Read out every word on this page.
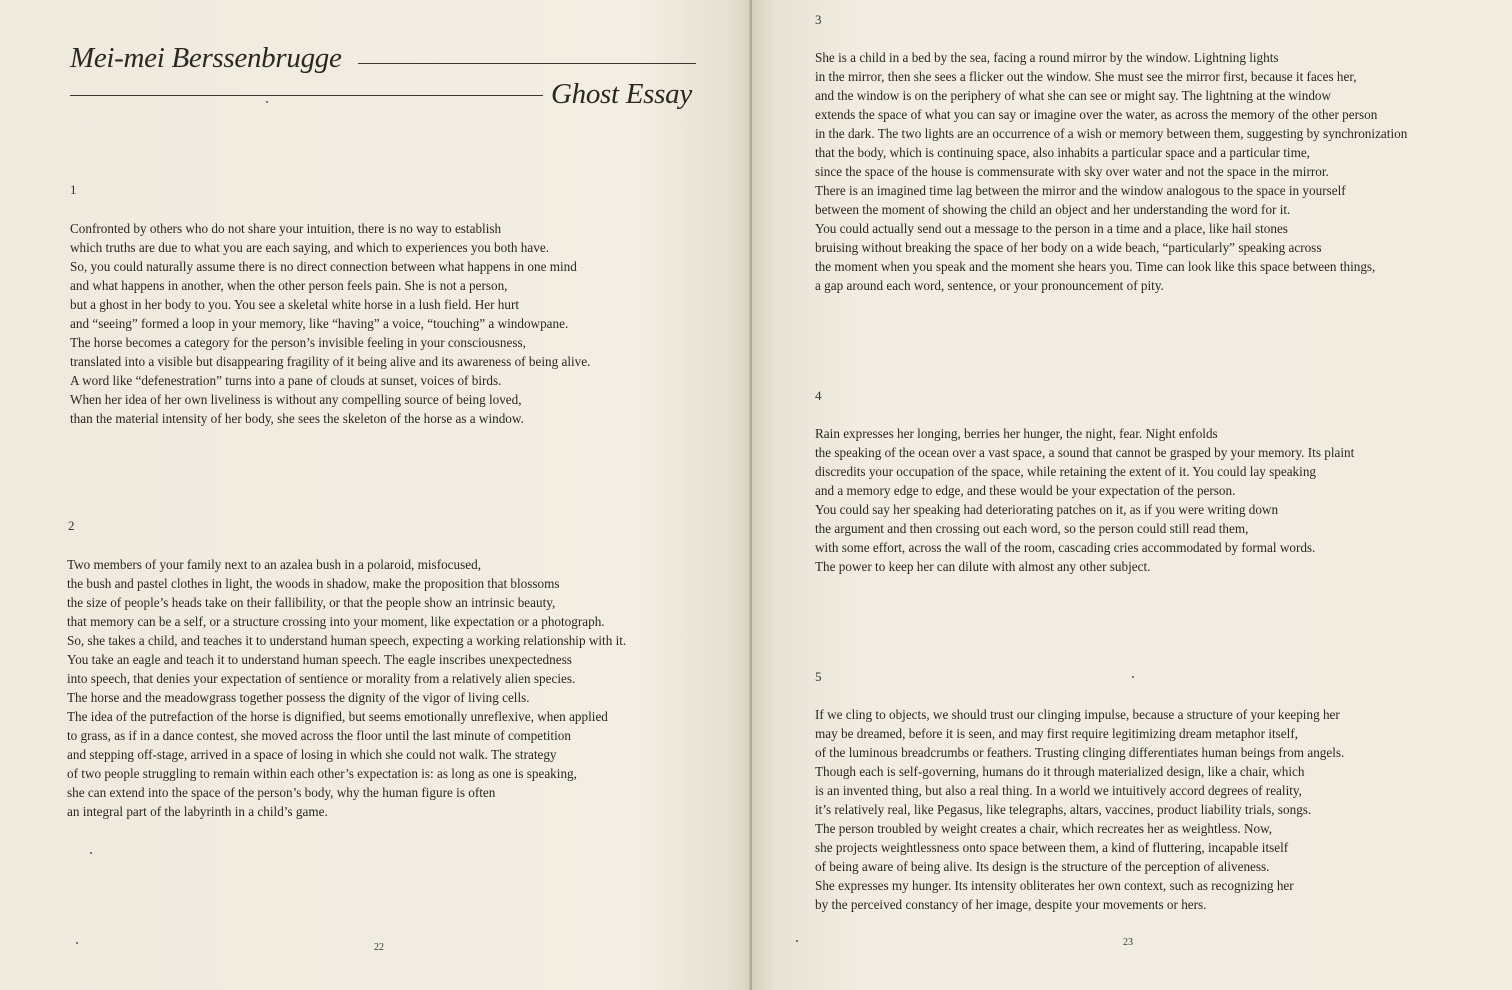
Mei-mei Berssenbrugge
Ghost Essay
1
Confronted by others who do not share your intuition, there is no way to establish
which truths are due to what you are each saying, and which to experiences you both have.
So, you could naturally assume there is no direct connection between what happens in one mind
and what happens in another, when the other person feels pain. She is not a person,
but a ghost in her body to you. You see a skeletal white horse in a lush field. Her hurt
and “seeing” formed a loop in your memory, like “having” a voice, “touching” a windowpane.
The horse becomes a category for the person’s invisible feeling in your consciousness,
translated into a visible but disappearing fragility of it being alive and its awareness of being alive.
A word like “defenestration” turns into a pane of clouds at sunset, voices of birds.
When her idea of her own liveliness is without any compelling source of being loved,
than the material intensity of her body, she sees the skeleton of the horse as a window.
2
Two members of your family next to an azalea bush in a polaroid, misfocused,
the bush and pastel clothes in light, the woods in shadow, make the proposition that blossoms
the size of people’s heads take on their fallibility, or that the people show an intrinsic beauty,
that memory can be a self, or a structure crossing into your moment, like expectation or a photograph.
So, she takes a child, and teaches it to understand human speech, expecting a working relationship with it.
You take an eagle and teach it to understand human speech. The eagle inscribes unexpectedness
into speech, that denies your expectation of sentience or morality from a relatively alien species.
The horse and the meadowgrass together possess the dignity of the vigor of living cells.
The idea of the putrefaction of the horse is dignified, but seems emotionally unreflexive, when applied
to grass, as if in a dance contest, she moved across the floor until the last minute of competition
and stepping off-stage, arrived in a space of losing in which she could not walk. The strategy
of two people struggling to remain within each other’s expectation is: as long as one is speaking,
she can extend into the space of the person’s body, why the human figure is often
an integral part of the labyrinth in a child’s game.
22
3
She is a child in a bed by the sea, facing a round mirror by the window. Lightning lights
in the mirror, then she sees a flicker out the window. She must see the mirror first, because it faces her,
and the window is on the periphery of what she can see or might say. The lightning at the window
extends the space of what you can say or imagine over the water, as across the memory of the other person
in the dark. The two lights are an occurrence of a wish or memory between them, suggesting by synchronization
that the body, which is continuing space, also inhabits a particular space and a particular time,
since the space of the house is commensurate with sky over water and not the space in the mirror.
There is an imagined time lag between the mirror and the window analogous to the space in yourself
between the moment of showing the child an object and her understanding the word for it.
You could actually send out a message to the person in a time and a place, like hail stones
bruising without breaking the space of her body on a wide beach, “particularly” speaking across
the moment when you speak and the moment she hears you. Time can look like this space between things,
a gap around each word, sentence, or your pronouncement of pity.
4
Rain expresses her longing, berries her hunger, the night, fear. Night enfolds
the speaking of the ocean over a vast space, a sound that cannot be grasped by your memory. Its plaint
discredits your occupation of the space, while retaining the extent of it. You could lay speaking
and a memory edge to edge, and these would be your expectation of the person.
You could say her speaking had deteriorating patches on it, as if you were writing down
the argument and then crossing out each word, so the person could still read them,
with some effort, across the wall of the room, cascading cries accommodated by formal words.
The power to keep her can dilute with almost any other subject.
5
If we cling to objects, we should trust our clinging impulse, because a structure of your keeping her
may be dreamed, before it is seen, and may first require legitimizing dream metaphor itself,
of the luminous breadcrumbs or feathers. Trusting clinging differentiates human beings from angels.
Though each is self-governing, humans do it through materialized design, like a chair, which
is an invented thing, but also a real thing. In a world we intuitively accord degrees of reality,
it’s relatively real, like Pegasus, like telegraphs, altars, vaccines, product liability trials, songs.
The person troubled by weight creates a chair, which recreates her as weightless. Now,
she projects weightlessness onto space between them, a kind of fluttering, incapable itself
of being aware of being alive. Its design is the structure of the perception of aliveness.
She expresses my hunger. Its intensity obliterates her own context, such as recognizing her
by the perceived constancy of her image, despite your movements or hers.
23
